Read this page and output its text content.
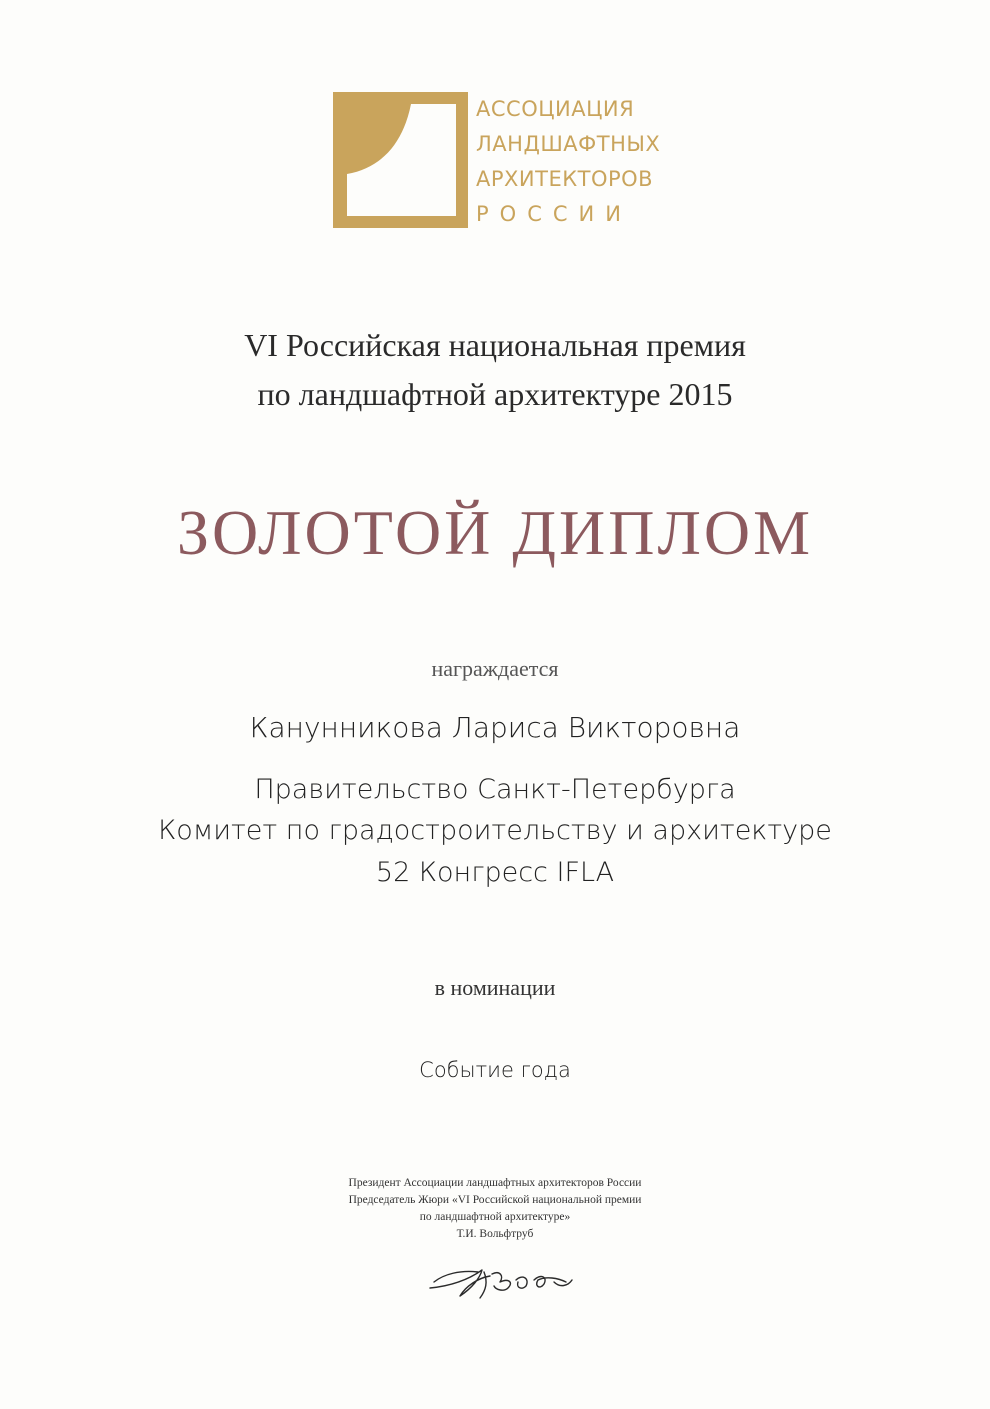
АССОЦИАЦИЯ
ЛАНДШАФТНЫХ
АРХИТЕКТОРОВ
РОССИИ
VI Российская национальная премия
по ландшафтной архитектуре 2015
ЗОЛОТОЙ ДИПЛОМ
награждается
Канунникова Лариса Викторовна
Правительство Санкт-Петербурга
Комитет по градостроительству и архитектуре
52 Конгресс IFLA
в номинации
Событие года
Президент Ассоциации ландшафтных архитекторов России
Председатель Жюри «VI Российской национальной премии
по ландшафтной архитектуре»
Т.И. Вольфтруб
